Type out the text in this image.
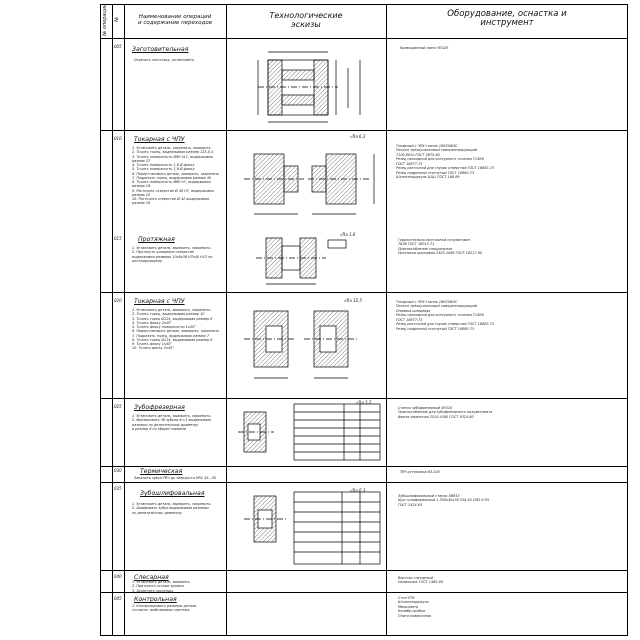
Наименование операций
и содержание переходов
Технологические
эскизы
Оборудование, оснастка и
инструмент
№ операции №
005
010
015
020
025
030
035
040
045
Заготовительная
Отрезать заготовку, штамповать.
Кривошипный пресс КГШП
Токарная с ЧПУ
1. Установить деталь, закрепить, выверить.
2. Точить торец, выдерживая размер 125-0,4
3. Точить поверхность Ø90 h11, выдерживая размер 37
4. Точить поверхность 1,6 Ø фаску
5. Точить поверхность 1,6 Ø фаску
6. Переустановить деталь, выверить, закрепить
7. Подрезать торец, выдерживая размер 40
8. Точить поверхность Ø60 h7, выдерживая размер 18
9. Расточить отверстие Ø 48 H7, выдерживая размер 22
10. Расточить отверстие Ø 42 выдерживая
размер 28
Токарный с ЧПУ станок 16К20Ф3С
Патрон трёхкулачковый самоцентрирующий
7100-0010 ГОСТ 2675-80
Резец проходной для контурного точения Т15К6
ГОСТ 18877-73
Резец расточной для глухих отверстий ГОСТ 18883-73
Резец подрезной отогнутый ГОСТ 18880-73
Штангенциркуль ШЦ-I ГОСТ 166-89
√Ra 6,3
Протяжная
1. Установить деталь, выверить, закрепить.
2. Протянуть шлицевое отверстие
выдерживая размеры 10х8х36 Н7х40 Н12 по
центрирующему.
Горизонтально-протяжной полуавтомат
7Б56 ГОСТ 16015-71
Приспособление специальное
Протяжка шлицевая 2405-1098 ГОСТ 18217-90
√Ra 1,6
Токарная с ЧПУ
1. Установить деталь, выверить, закрепить.
2. Точить торец, выдерживая размер 10
3. Точить торец Ø124, выдерживая размер 8
4. Точить фаску 2х45°
5. Точить фаску поверхности 1х45°
6. Переустановить деталь, выверить, закрепить
7. Подрезать торец, выдерживая размер 7
8. Точить торец Ø124, выдерживая размер 8
9. Точить фаску 1х45°
10. Точить фаску 2х45°
Токарный с ЧПУ станок 16К20Ф3С
Патрон трёхкулачковый самоцентрирующий
Оправка шлицевая
Резец проходной для контурного точения Т15К6
ГОСТ 18877-73
Резец расточной для глухих отверстий ГОСТ 18883-73
Резец подрезной отогнутый ГОСТ 18880-73
√Ra 12,5
Зубофрезерная
1. Установить деталь, выверить, закрепить.
2. Фрезеровать 36 зубьев m=3 выдерживая
размеры по делительному диаметру
и размер 8 по общей нормали
Станок зубофрезерный 5К310
Приспособление для зубофрезерного полуавтомата
Фреза червячная 2510-4165 ГОСТ 9324-80
√Ra 3,2
Термическая
Закалить зубья ТВЧ до твёрдости HRC 45...50
ТВЧ-установка ИЗ-100
Зубошлифовальная
1. Установить деталь, выверить, закрепить.
2. Шлифовать зубья выдерживая размеры
по делительному диаметру
Зубошлифовальный станок 5В833
Круг шлифовальный 1 300х40х76 25А 40 СМ2 6 К5
ГОСТ 2424-83
√Ra 6,3
Слесарная
1. Установить деталь, выверить.
2. Притупить острые кромки.
3. Зачистить заусенцы.
Верстак слесарный
Напильник ГОСТ 1465-80
Контрольная
1. Контролировать размеры детали
согласно требованиям чертежа.
Стол ОТК
Штангенциркуль
Микрометр
Калибр-пробка
Плита поверочная
